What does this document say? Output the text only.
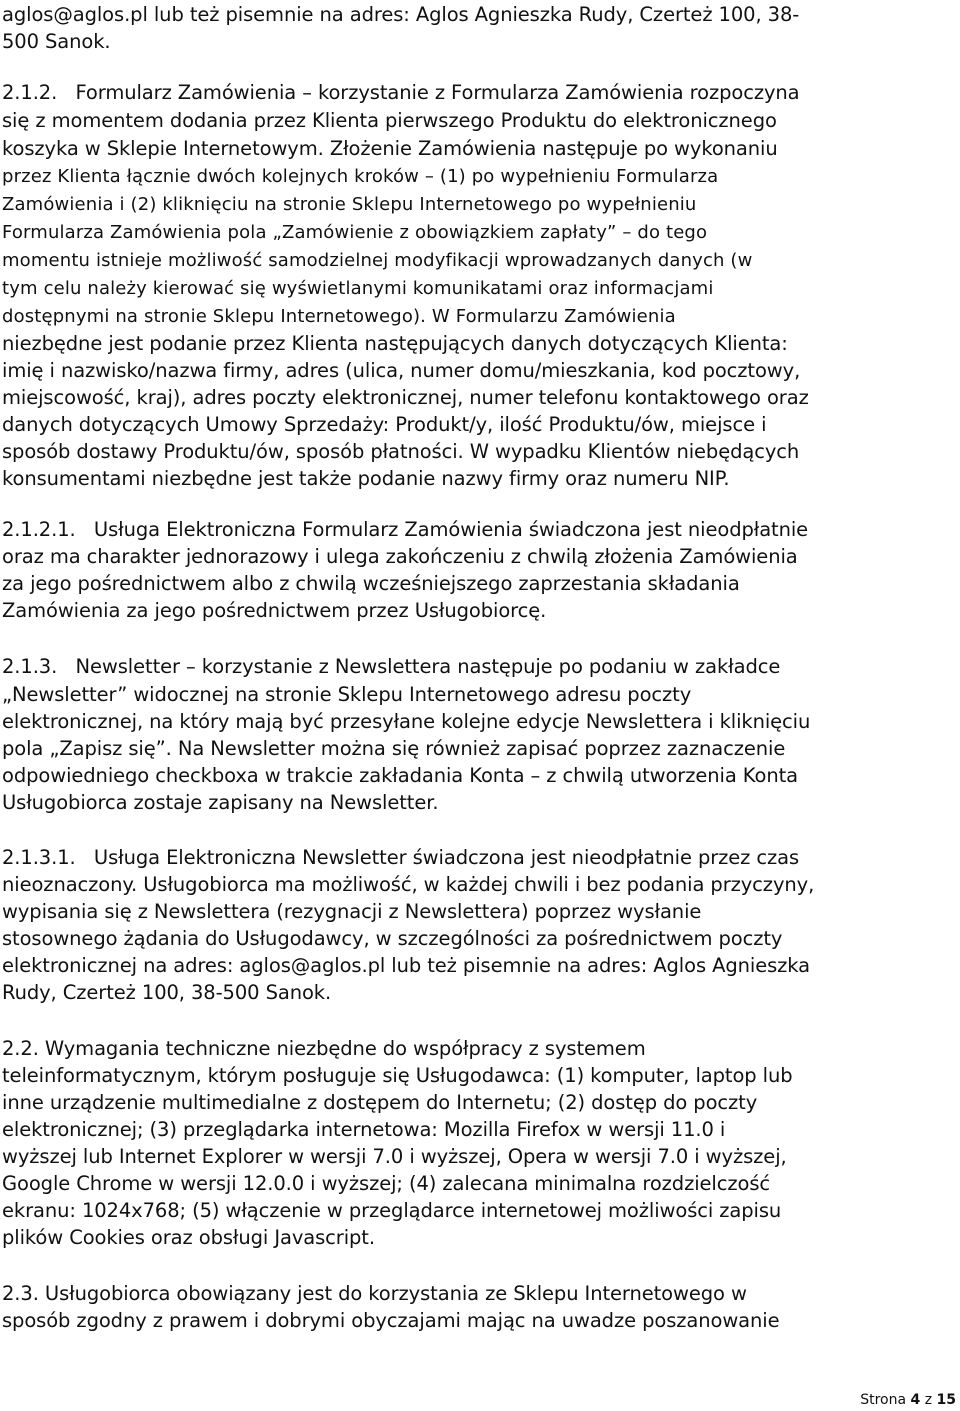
aglos@aglos.pl lub też pisemnie na adres: Aglos Agnieszka Rudy, Czerteż 100, 38-
500 Sanok.
2.1.2.   Formularz Zamówienia – korzystanie z Formularza Zamówienia rozpoczyna
się z momentem dodania przez Klienta pierwszego Produktu do elektronicznego
koszyka w Sklepie Internetowym. Złożenie Zamówienia następuje po wykonaniu
przez Klienta łącznie dwóch kolejnych kroków – (1) po wypełnieniu Formularza
Zamówienia i (2) kliknięciu na stronie Sklepu Internetowego po wypełnieniu
Formularza Zamówienia pola „Zamówienie z obowiązkiem zapłaty” – do tego
momentu istnieje możliwość samodzielnej modyfikacji wprowadzanych danych (w
tym celu należy kierować się wyświetlanymi komunikatami oraz informacjami
dostępnymi na stronie Sklepu Internetowego). W Formularzu Zamówienia
niezbędne jest podanie przez Klienta następujących danych dotyczących Klienta:
imię i nazwisko/nazwa firmy, adres (ulica, numer domu/mieszkania, kod pocztowy,
miejscowość, kraj), adres poczty elektronicznej, numer telefonu kontaktowego oraz
danych dotyczących Umowy Sprzedaży: Produkt/y, ilość Produktu/ów, miejsce i
sposób dostawy Produktu/ów, sposób płatności. W wypadku Klientów niebędących
konsumentami niezbędne jest także podanie nazwy firmy oraz numeru NIP.
2.1.2.1.   Usługa Elektroniczna Formularz Zamówienia świadczona jest nieodpłatnie
oraz ma charakter jednorazowy i ulega zakończeniu z chwilą złożenia Zamówienia
za jego pośrednictwem albo z chwilą wcześniejszego zaprzestania składania
Zamówienia za jego pośrednictwem przez Usługobiorcę.
2.1.3.   Newsletter – korzystanie z Newslettera następuje po podaniu w zakładce
„Newsletter” widocznej na stronie Sklepu Internetowego adresu poczty
elektronicznej, na który mają być przesyłane kolejne edycje Newslettera i kliknięciu
pola „Zapisz się”. Na Newsletter można się również zapisać poprzez zaznaczenie
odpowiedniego checkboxa w trakcie zakładania Konta – z chwilą utworzenia Konta
Usługobiorca zostaje zapisany na Newsletter.
2.1.3.1.   Usługa Elektroniczna Newsletter świadczona jest nieodpłatnie przez czas
nieoznaczony. Usługobiorca ma możliwość, w każdej chwili i bez podania przyczyny,
wypisania się z Newslettera (rezygnacji z Newslettera) poprzez wysłanie
stosownego żądania do Usługodawcy, w szczególności za pośrednictwem poczty
elektronicznej na adres: aglos@aglos.pl lub też pisemnie na adres: Aglos Agnieszka
Rudy, Czerteż 100, 38-500 Sanok.
2.2. Wymagania techniczne niezbędne do współpracy z systemem
teleinformatycznym, którym posługuje się Usługodawca: (1) komputer, laptop lub
inne urządzenie multimedialne z dostępem do Internetu; (2) dostęp do poczty
elektronicznej; (3) przeglądarka internetowa: Mozilla Firefox w wersji 11.0 i
wyższej lub Internet Explorer w wersji 7.0 i wyższej, Opera w wersji 7.0 i wyższej,
Google Chrome w wersji 12.0.0 i wyższej; (4) zalecana minimalna rozdzielczość
ekranu: 1024x768; (5) włączenie w przeglądarce internetowej możliwości zapisu
plików Cookies oraz obsługi Javascript.
2.3. Usługobiorca obowiązany jest do korzystania ze Sklepu Internetowego w
sposób zgodny z prawem i dobrymi obyczajami mając na uwadze poszanowanie
Strona 4 z 15
